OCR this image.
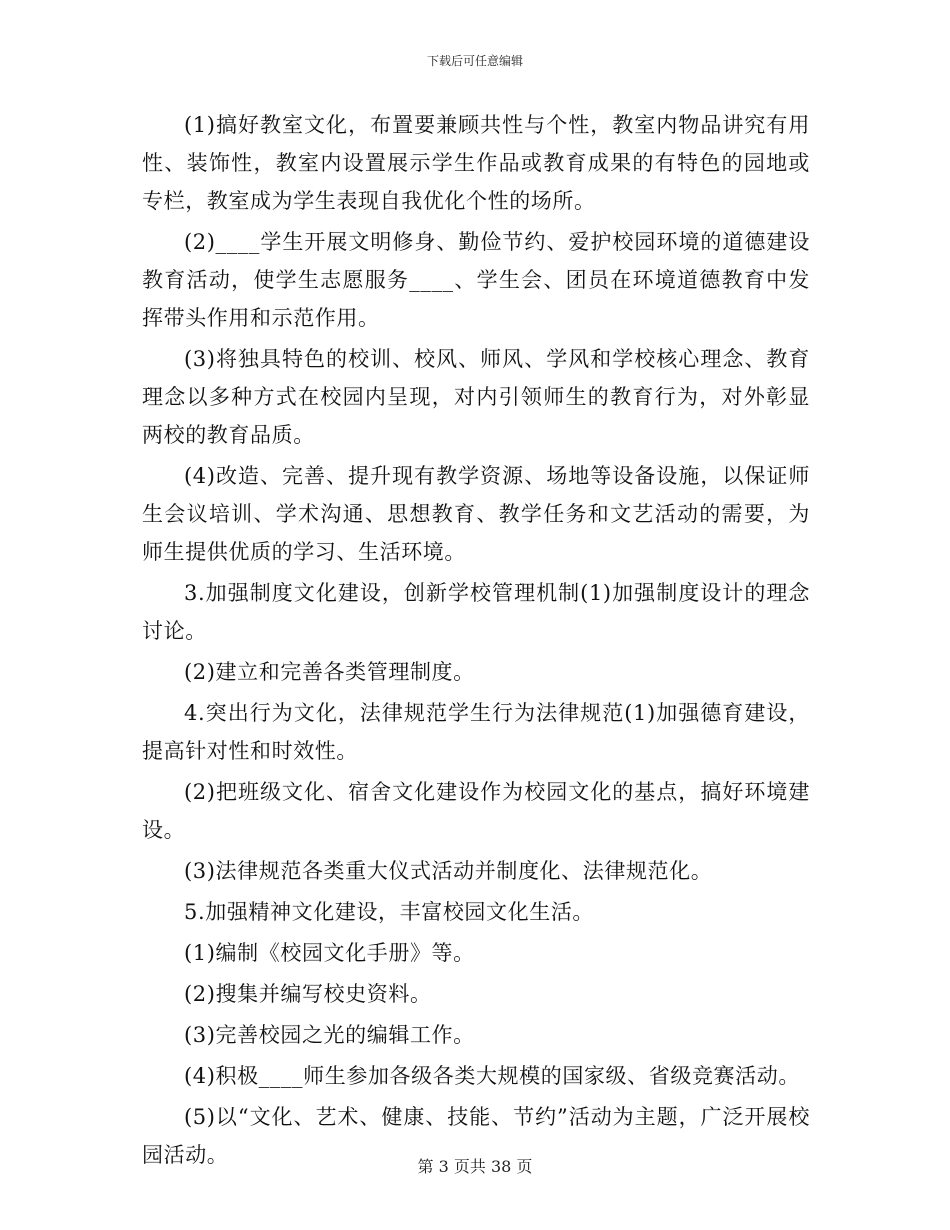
下载后可任意编辑

(1)搞好教室文化，布置要兼顾共性与个性，教室内物品讲究有用性、装饰性，教室内设置展示学生作品或教育成果的有特色的园地或专栏，教室成为学生表现自我优化个性的场所。

(2)____学生开展文明修身、勤俭节约、爱护校园环境的道德建设教育活动，使学生志愿服务____、学生会、团员在环境道德教育中发挥带头作用和示范作用。

(3)将独具特色的校训、校风、师风、学风和学校核心理念、教育理念以多种方式在校园内呈现，对内引领师生的教育行为，对外彰显两校的教育品质。

(4)改造、完善、提升现有教学资源、场地等设备设施，以保证师生会议培训、学术沟通、思想教育、教学任务和文艺活动的需要，为师生提供优质的学习、生活环境。

3.加强制度文化建设，创新学校管理机制(1)加强制度设计的理念讨论。

(2)建立和完善各类管理制度。

4.突出行为文化，法律规范学生行为法律规范(1)加强德育建设，提高针对性和时效性。

(2)把班级文化、宿舍文化建设作为校园文化的基点，搞好环境建设。

(3)法律规范各类重大仪式活动并制度化、法律规范化。

5.加强精神文化建设，丰富校园文化生活。

(1)编制《校园文化手册》等。

(2)搜集并编写校史资料。

(3)完善校园之光的编辑工作。

(4)积极____师生参加各级各类大规模的国家级、省级竞赛活动。

(5)以“文化、艺术、健康、技能、节约”活动为主题，广泛开展校园活动。	第 3 页共 38 页
